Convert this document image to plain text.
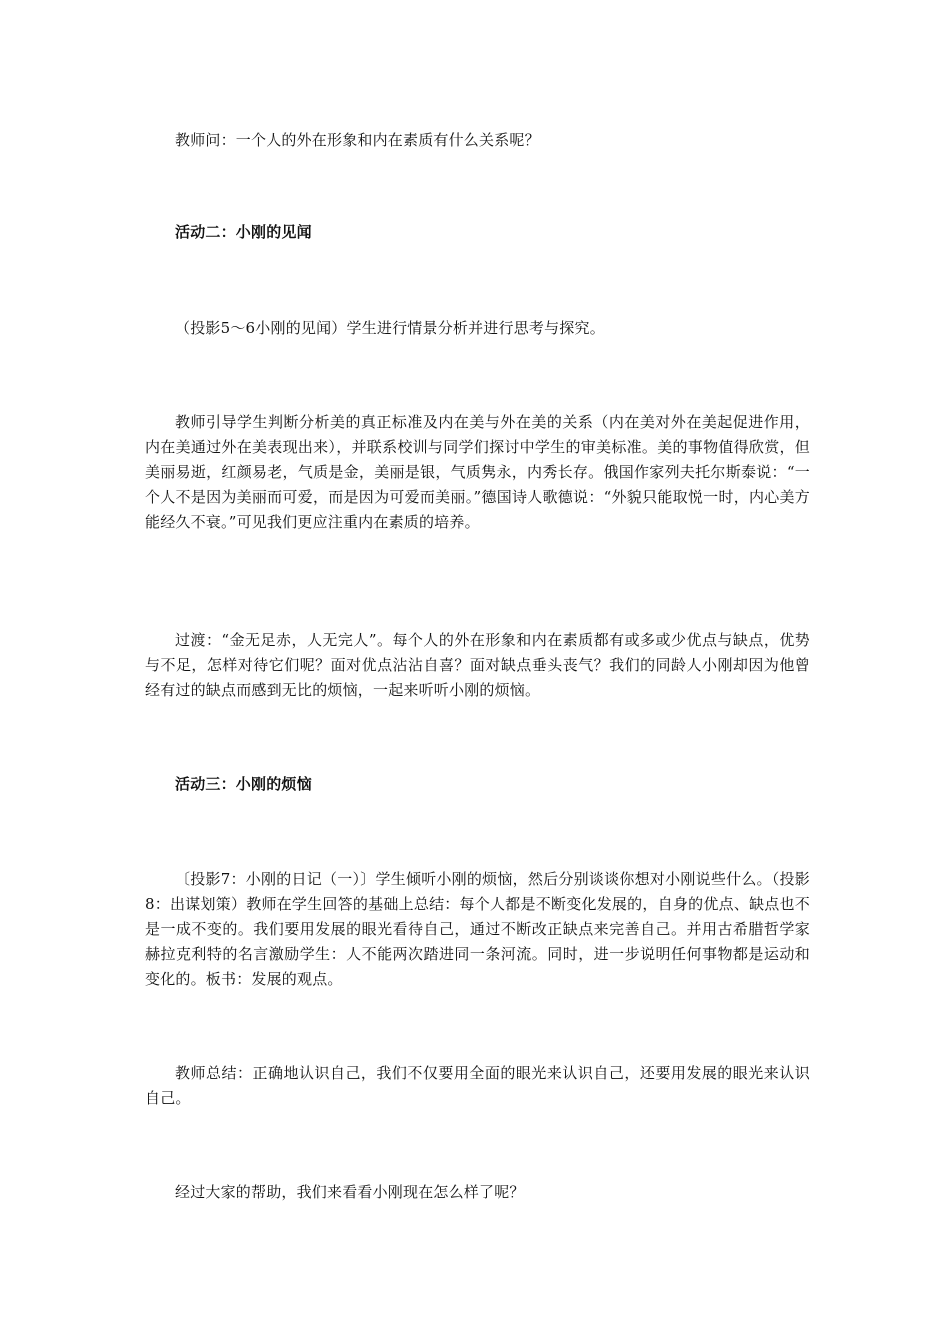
教师问：一个人的外在形象和内在素质有什么关系呢？

活动二：小刚的见闻

（投影5～6小刚的见闻）学生进行情景分析并进行思考与探究。

教师引导学生判断分析美的真正标准及内在美与外在美的关系（内在美对外在美起促进作用，内在美通过外在美表现出来），并联系校训与同学们探讨中学生的审美标准。美的事物值得欣赏，但美丽易逝，红颜易老，气质是金，美丽是银，气质隽永，内秀长存。俄国作家列夫托尔斯泰说：“一个人不是因为美丽而可爱，而是因为可爱而美丽。”德国诗人歌德说：“外貌只能取悦一时，内心美方能经久不衰。”可见我们更应注重内在素质的培养。

过渡：“金无足赤，人无完人”。每个人的外在形象和内在素质都有或多或少优点与缺点，优势与不足，怎样对待它们呢？面对优点沾沾自喜？面对缺点垂头丧气？我们的同龄人小刚却因为他曾经有过的缺点而感到无比的烦恼，一起来听听小刚的烦恼。

活动三：小刚的烦恼

〔投影7：小刚的日记（一）〕学生倾听小刚的烦恼，然后分别谈谈你想对小刚说些什么。（投影8：出谋划策）教师在学生回答的基础上总结：每个人都是不断变化发展的，自身的优点、缺点也不是一成不变的。我们要用发展的眼光看待自己，通过不断改正缺点来完善自己。并用古希腊哲学家赫拉克利特的名言激励学生：人不能两次踏进同一条河流。同时，进一步说明任何事物都是运动和变化的。板书：发展的观点。

教师总结：正确地认识自己，我们不仅要用全面的眼光来认识自己，还要用发展的眼光来认识自己。

经过大家的帮助，我们来看看小刚现在怎么样了呢？
